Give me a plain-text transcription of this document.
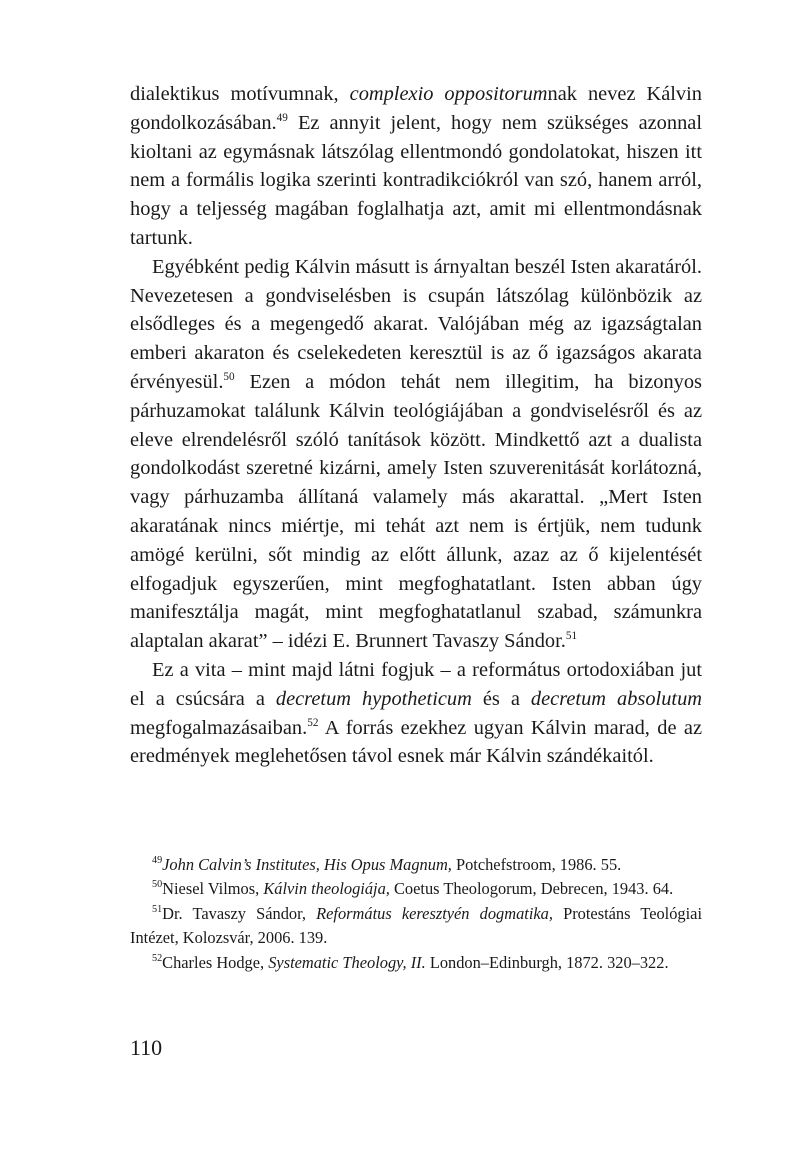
dialektikus motívumnak, complexio oppositorumnak nevez Kálvin gondolkozásában.$^{49}$ Ez annyit jelent, hogy nem szükséges azonnal kioltani az egymásnak látszólag ellentmondó gondolatokat, hiszen itt nem a formális logika szerinti kontradikciókról van szó, hanem arról, hogy a teljesség magában foglalhatja azt, amit mi ellentmondásnak tartunk.

Egyébként pedig Kálvin másutt is árnyaltan beszél Isten akaratáról. Nevezetesen a gondviselésben is csupán látszólag különbözik az elsődleges és a megengedő akarat. Valójában még az igazságtalan emberi akaraton és cselekedeten keresztül is az ő igazságos akarata érvényesül.$^{50}$ Ezen a módon tehát nem illegitim, ha bizonyos párhuzamokat találunk Kálvin teológiájában a gondviselésről és az eleve elrendelésről szóló tanítások között. Mindkettő azt a dualista gondolkodást szeretné kizárni, amely Isten szuverenitását korlátozná, vagy párhuzamba állítaná valamely más akarattal. „Mert Isten akaratának nincs miértje, mi tehát azt nem is értjük, nem tudunk amögé kerülni, sőt mindig az előtt állunk, azaz az ő kijelentését elfogadjuk egyszerűen, mint megfoghatatlant. Isten abban úgy manifesztálja magát, mint megfoghatatlanul szabad, számunkra alaptalan akarat” – idézi E. Brunnert Tavaszy Sándor.$^{51}$

Ez a vita – mint majd látni fogjuk – a református ortodoxiában jut el a csúcsára a decretum hypotheticum és a decretum absolutum megfogalmazásaiban.$^{52}$ A forrás ezekhez ugyan Kálvin marad, de az eredmények meglehetősen távol esnek már Kálvin szándékaitól.

$^{49}$John Calvin’s Institutes, His Opus Magnum, Potchefstroom, 1986. 55.

$^{50}$Niesel Vilmos, Kálvin theologiája, Coetus Theologorum, Debrecen, 1943. 64.

$^{51}$Dr. Tavaszy Sándor, Református keresztyén dogmatika, Protestáns Teológiai Intézet, Kolozsvár, 2006. 139.

$^{52}$Charles Hodge, Systematic Theology, II. London–Edinburgh, 1872. 320–322.

110
